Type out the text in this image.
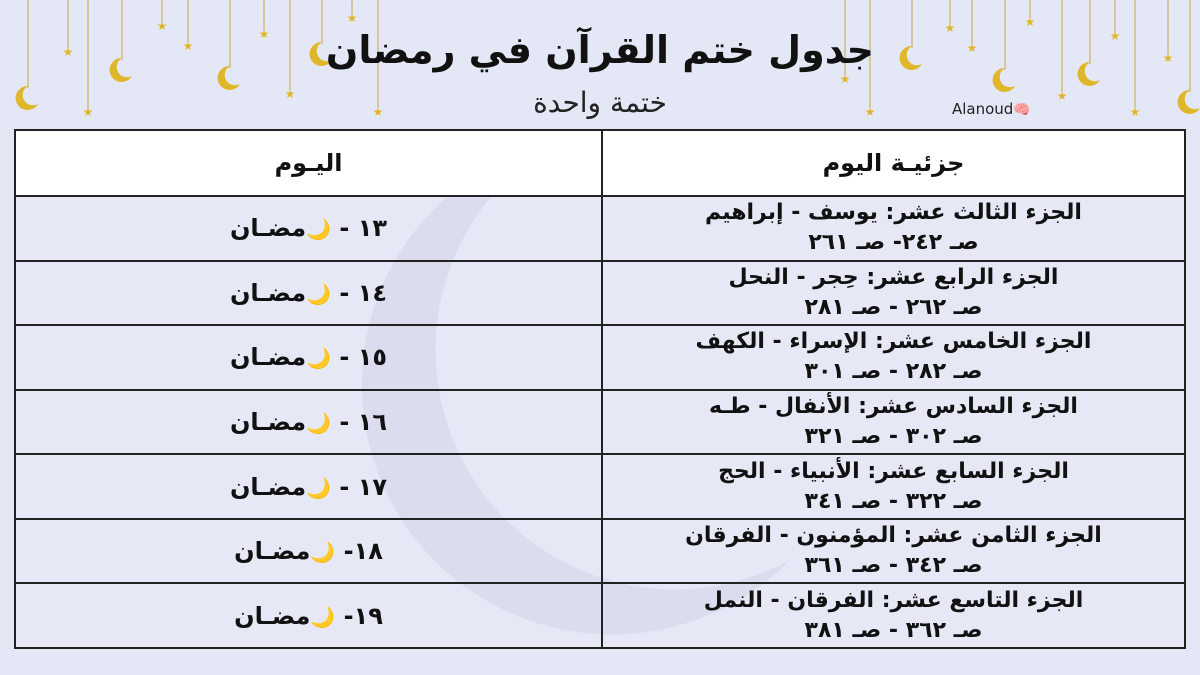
★
★
★
★
★
★
★
★
★
★
★
★
★
★
★
★
★
جدول ختم القرآن في رمضان
ختمة واحدة	Alanoud🧠
اليـوم	جزئيـة اليوم
١٣ - 🌙مضـان	الجزء الثالث عشر: يوسف - إبراهيم
صـ ٢٤٢- صـ ٢٦١

١٤ - 🌙مضـان	الجزء الرابع عشر: حِجر - النحل
صـ ٢٦٢ - صـ ٢٨١

١٥ - 🌙مضـان	الجزء الخامس عشر: الإسراء - الكهف
صـ ٢٨٢ - صـ ٣٠١

١٦ - 🌙مضـان	الجزء السادس عشر: الأنفال - طـه
صـ ٣٠٢ - صـ ٣٢١

١٧ - 🌙مضـان	الجزء السابع عشر: الأنبياء - الحج
صـ ٣٢٢ - صـ ٣٤١

١٨- 🌙مضـان	الجزء الثامن عشر: المؤمنون - الفرقان
صـ ٣٤٢ - صـ ٣٦١

١٩- 🌙مضـان	الجزء التاسع عشر: الفرقان - النمل
صـ ٣٦٢ - صـ ٣٨١
